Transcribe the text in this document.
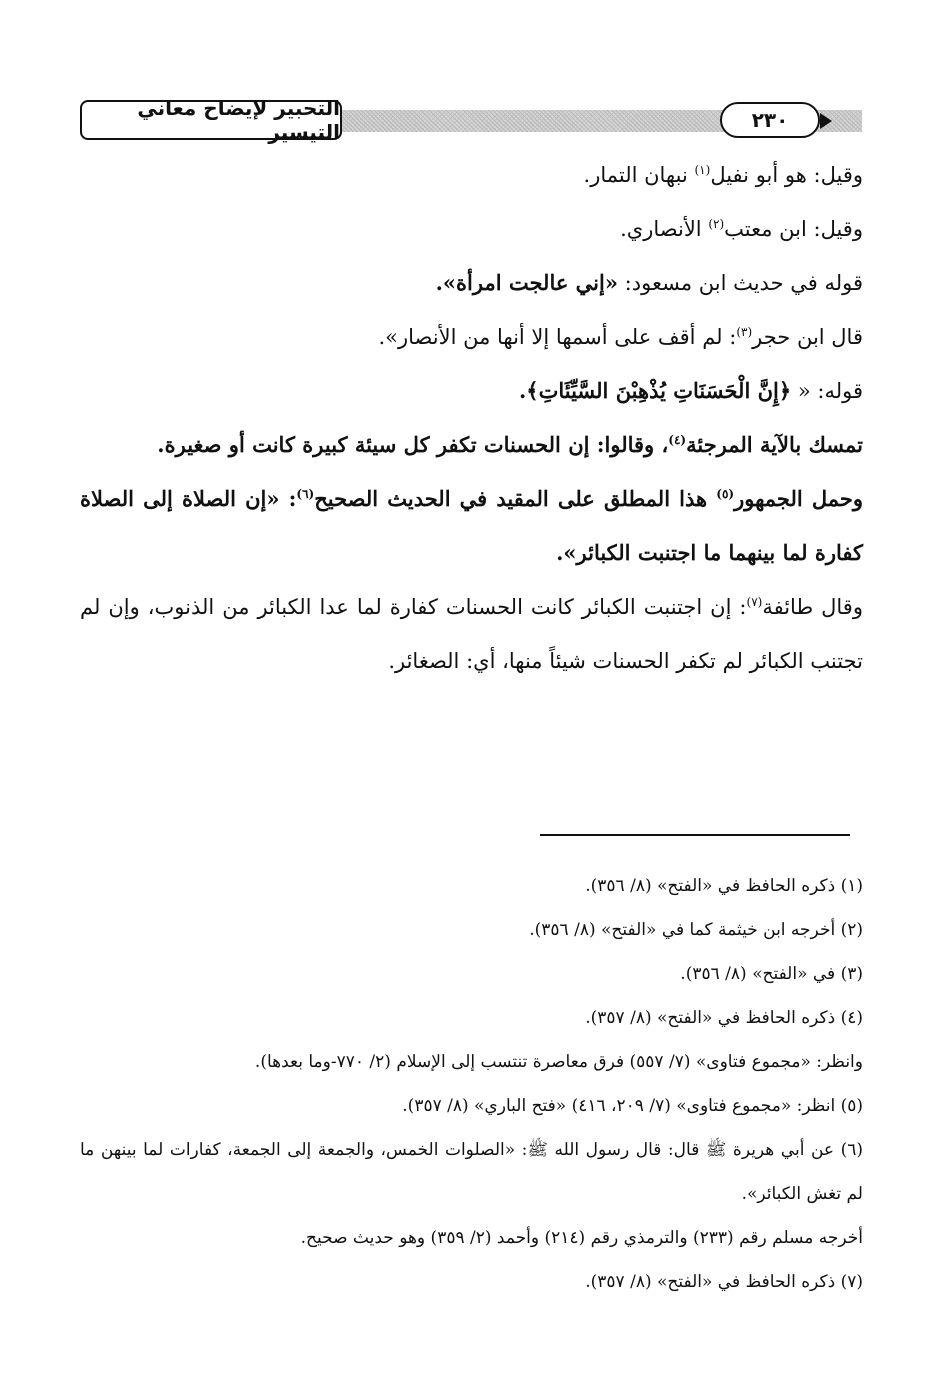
التحبير لإيضاح معاني التيسير	٢٣٠

وقيل: هو أبو نفيل$^{(١)}$ نبهان التمار.

وقيل: ابن معتب$^{(٢)}$ الأنصاري.

قوله في حديث ابن مسعود: «إني عالجت امرأة».

قال ابن حجر$^{(٣)}$: لم أقف على أسمها إلا أنها من الأنصار».

قوله: « ﴿إِنَّ الْحَسَنَاتِ يُذْهِبْنَ السَّيِّئَاتِ﴾.

تمسك بالآية المرجئة$^{(٤)}$، وقالوا: إن الحسنات تكفر كل سيئة كبيرة كانت أو صغيرة.

وحمل الجمهور$^{(٥)}$ هذا المطلق على المقيد في الحديث الصحيح$^{(٦)}$: «إن الصلاة إلى الصلاة كفارة لما بينهما ما اجتنبت الكبائر».

وقال طائفة$^{(٧)}$: إن اجتنبت الكبائر كانت الحسنات كفارة لما عدا الكبائر من الذنوب، وإن لم تجتنب الكبائر لم تكفر الحسنات شيئاً منها، أي: الصغائر.

(١) ذكره الحافظ في «الفتح» (٨/ ٣٥٦).

(٢) أخرجه ابن خيثمة كما في «الفتح» (٨/ ٣٥٦).

(٣) في «الفتح» (٨/ ٣٥٦).

(٤) ذكره الحافظ في «الفتح» (٨/ ٣٥٧).

وانظر: «مجموع فتاوى» (٧/ ٥٥٧) فرق معاصرة تنتسب إلى الإسلام (٢/ ٧٧٠-وما بعدها).

(٥) انظر: «مجموع فتاوى» (٧/ ٢٠٩، ٤١٦) «فتح الباري» (٨/ ٣٥٧).

(٦) عن أبي هريرة ﷺ قال: قال رسول الله ﷺ: «الصلوات الخمس، والجمعة إلى الجمعة، كفارات لما بينهن ما لم تغش الكبائر».

أخرجه مسلم رقم (٢٣٣) والترمذي رقم (٢١٤) وأحمد (٢/ ٣٥٩) وهو حديث صحيح.

(٧) ذكره الحافظ في «الفتح» (٨/ ٣٥٧).
